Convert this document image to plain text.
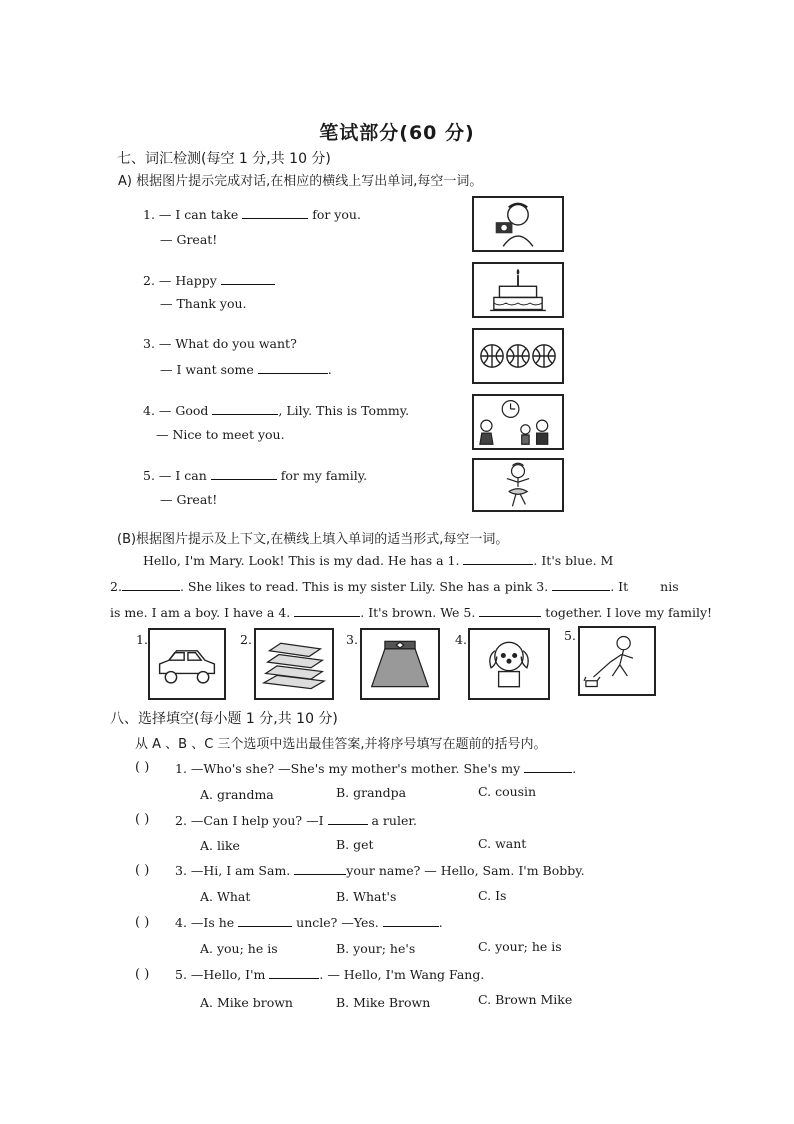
笔试部分(60 分)
七、词汇检测(每空 1 分,共 10 分)
A) 根据图片提示完成对话,在相应的横线上写出单词,每空一词。
1. — I can take	for you.
— Great!
2. — Happy
— Thank you.
3. — What do you want?
— I want some	.
4. — Good	, Lily. This is Tommy.
— Nice to meet you.
5. — I can	for my family.
— Great!
(B)根据图片提示及上下文,在横线上填入单词的适当形式,每空一词。
Hello, I'm Mary. Look! This is my dad. He has a 1.	. It's blue. M
2.	. She likes to read. This is my sister Lily. She has a pink 3.	. It	nis
is me. I am a boy. I have a 4.	. It's brown. We 5.	together. I love my family!
1.	2.	3.	4.	5.
八、选择填空(每小题 1 分,共 10 分)
从 A 、B 、C 三个选项中选出最佳答案,并将序号填写在题前的括号内。
( ) 1. —Who's she? —She's my mother's mother. She's my	.
A. grandma	B. grandpa	C. cousin
( ) 2. —Can I help you? —I	a ruler.
A. like	B. get	C. want
( ) 3. —Hi, I am Sam.	your name? — Hello, Sam. I'm Bobby.
A. What	B. What's	C. Is
( ) 4. —Is he	uncle? —Yes.	.
A. you; he is	B. your; he's	C. your; he is
( ) 5. —Hello, I'm	. — Hello, I'm Wang Fang.
A. Mike brown	B. Mike Brown	C. Brown Mike
